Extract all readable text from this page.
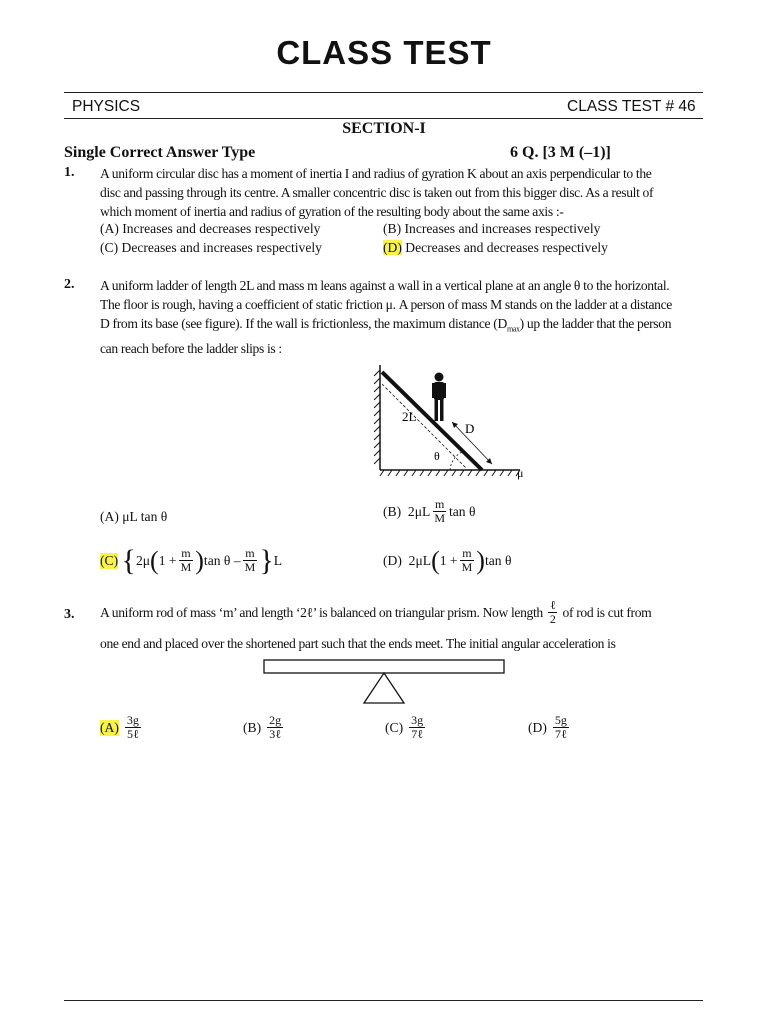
CLASS TEST
PHYSICS	CLASS TEST # 46
SECTION-I
Single Correct Answer Type	6 Q. [3 M (–1)]
1. A uniform circular disc has a moment of inertia I and radius of gyration K about an axis perpendicular to the
disc and passing through its centre. A smaller concentric disc is taken out from this bigger disc. As a result of
which moment of inertia and radius of gyration of the resulting body about the same axis :-
(A) Increases and decreases respectively	(B) Increases and increases respectively
(C) Decreases and increases respectively	(D) Decreases and decreases respectively
2. A uniform ladder of length 2L and mass m leans against a wall in a vertical plane at an angle θ to the horizontal.
The floor is rough, having a coefficient of static friction μ. A person of mass M stands on the ladder at a distance
D from its base (see figure). If the wall is frictionless, the maximum distance $(D_{max})$ up the ladder that the person
can reach before the ladder slips is :
2L
D
θ
μ
(A) μL tan θ	(B)
$2\mu L \frac{m}{M}$ tan θ
(C)
{ 2μ ( $1 + \frac{m}{M}$ ) tan θ – $\frac{m}{M}$ } L	(D)
2μL ( $1 + \frac{m}{M}$ ) tan θ
3. A uniform rod of mass ‘m’ and length ‘2ℓ’ is balanced on triangular prism. Now length $\frac{\text{ℓ}}{2}$ of rod is cut from
one end and placed over the shortened part such that the ends meet. The initial angular acceleration is
$(A) \frac{3g}{\text{5ℓ}}$	$(B) \frac{2g}{\text{3ℓ}}$	$(C) \frac{3g}{\text{7ℓ}}$	$(D) \frac{5g}{\text{7ℓ}}$
